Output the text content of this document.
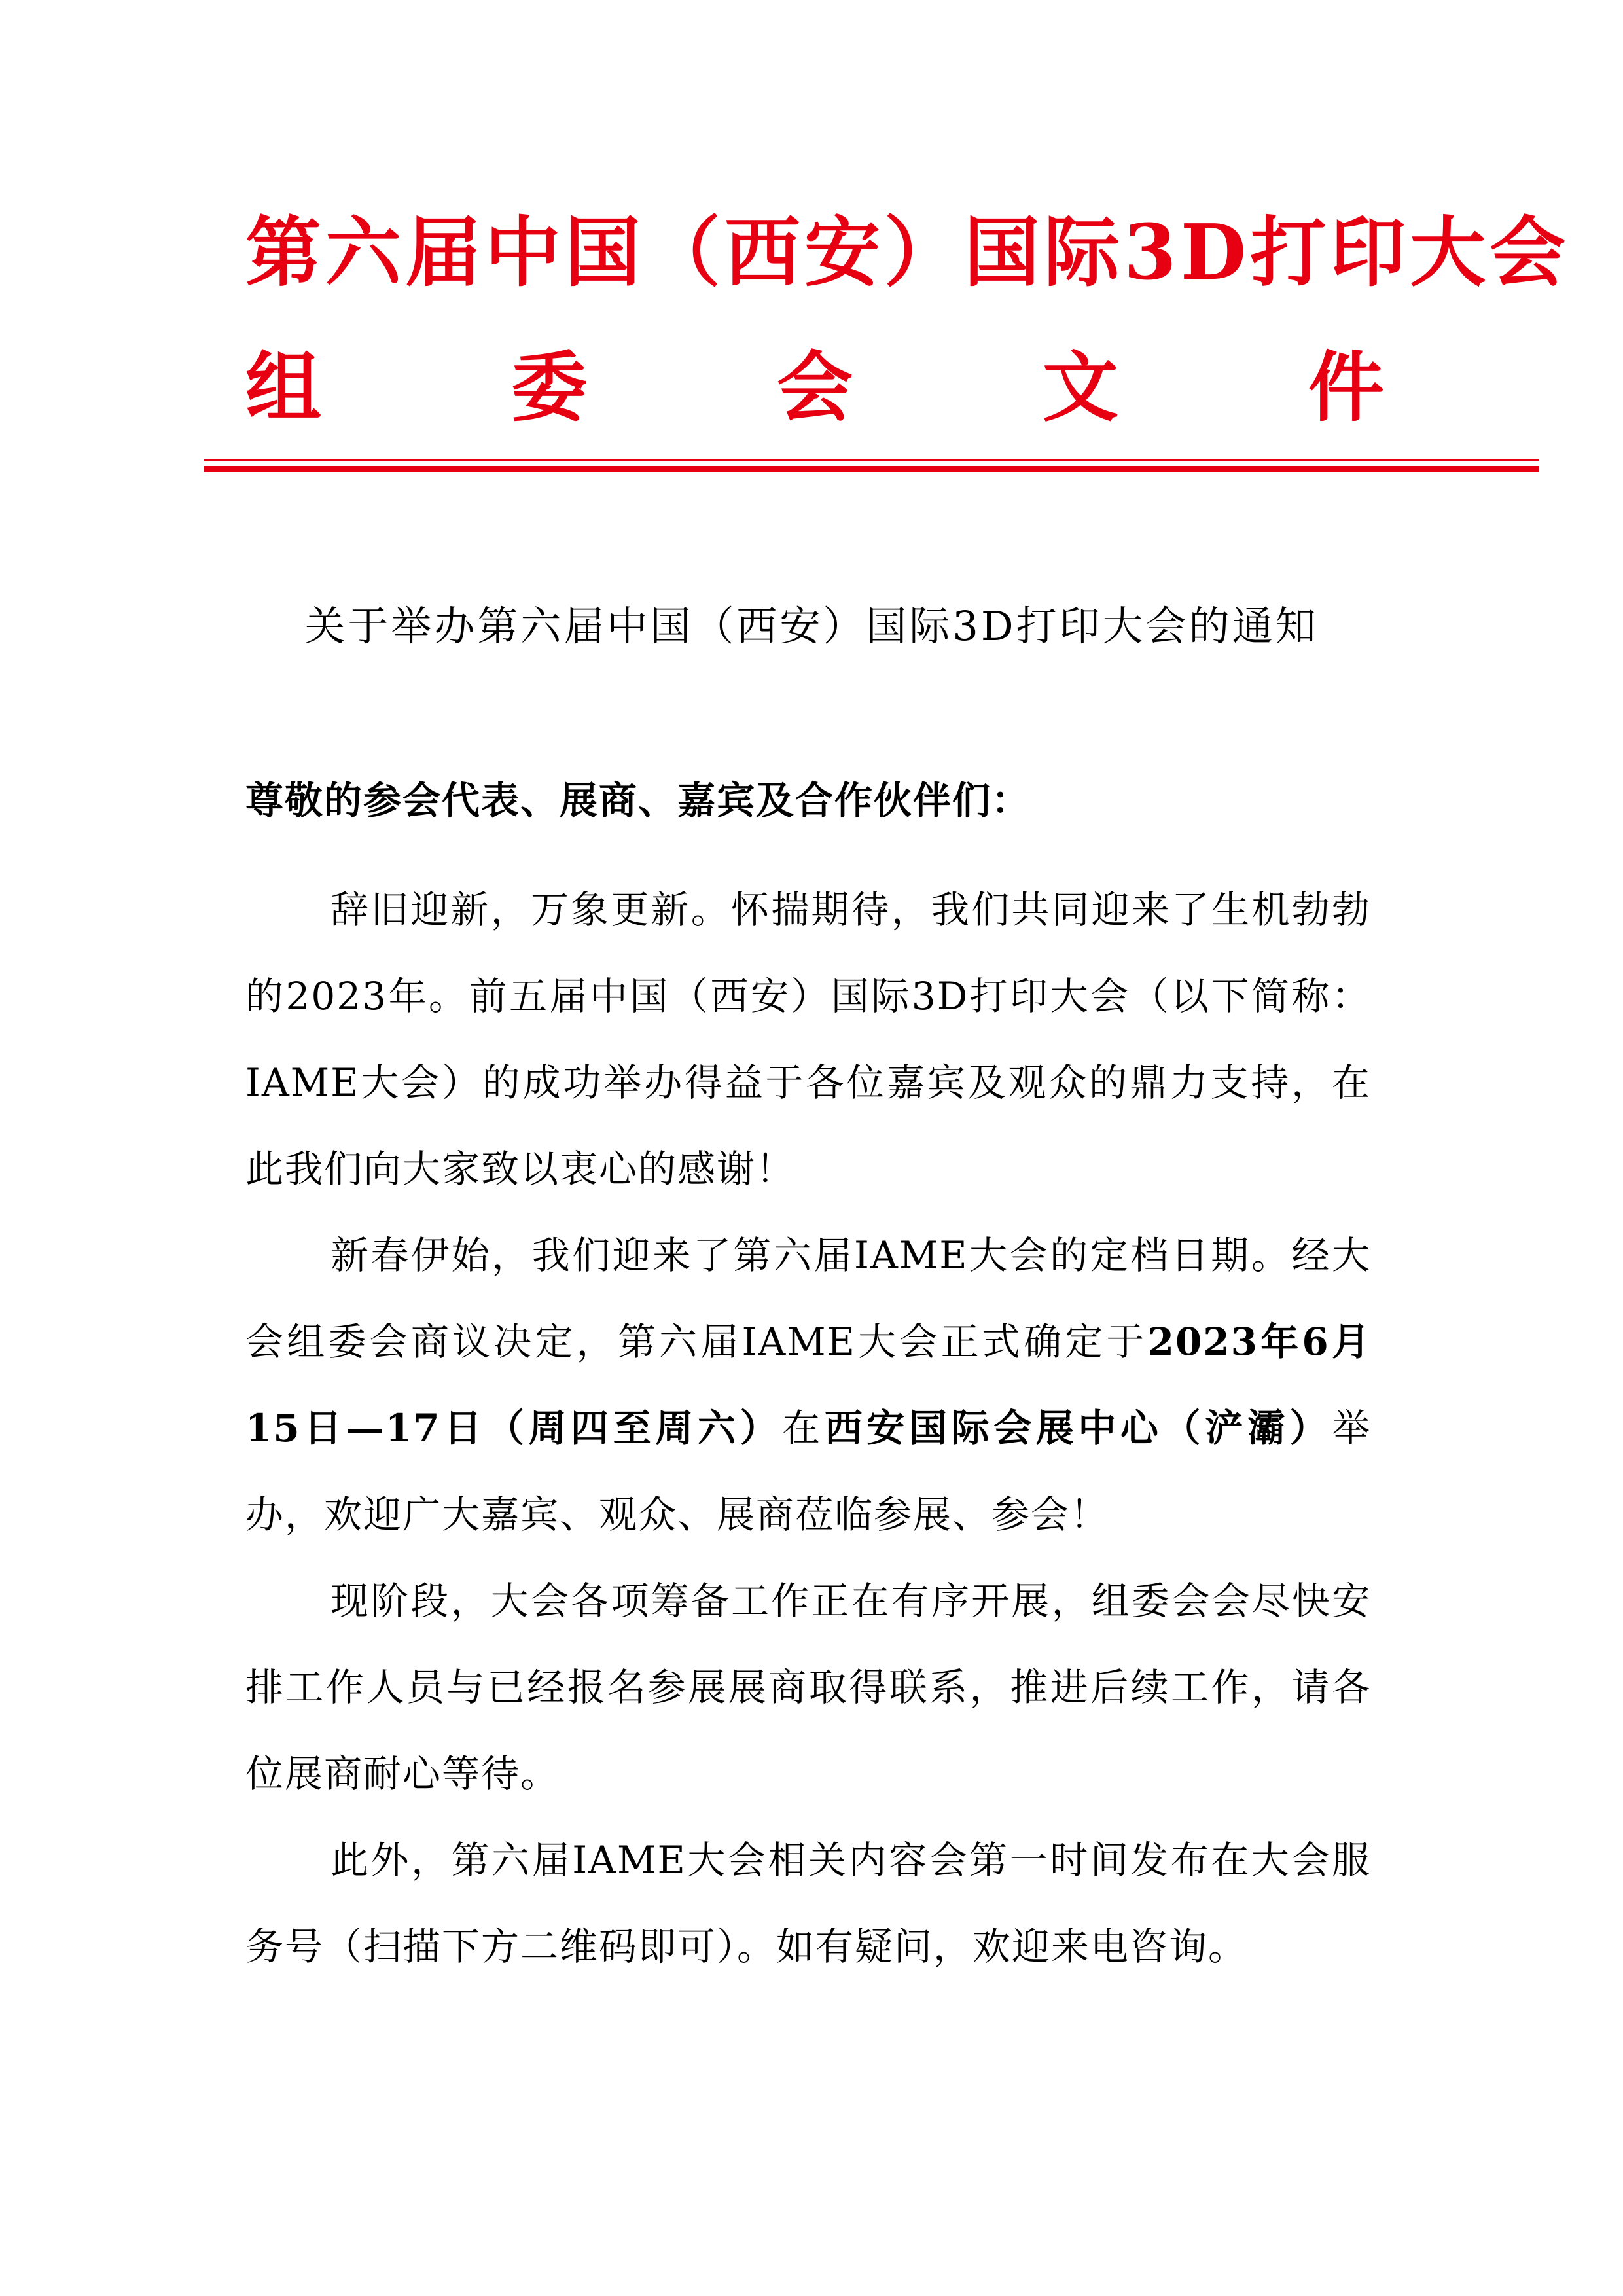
第六届中国（西安）国际3D打印大会
组	委	会	文	件
关于举办第六届中国（西安）国际3D打印大会的通知
尊敬的参会代表、展商、嘉宾及合作伙伴们：
辞旧迎新，万象更新。怀揣期待，我们共同迎来了生机勃勃的2023年。前五届中国（西安）国际3D打印大会（以下简称：IAME大会）的成功举办得益于各位嘉宾及观众的鼎力支持，在此我们向大家致以衷心的感谢！
新春伊始，我们迎来了第六届IAME大会的定档日期。经大会组委会商议决定，第六届IAME大会正式确定于2023年6月15日—17日（周四至周六）在西安国际会展中心（浐灞）举办，欢迎广大嘉宾、观众、展商莅临参展、参会！
现阶段，大会各项筹备工作正在有序开展，组委会会尽快安排工作人员与已经报名参展展商取得联系，推进后续工作，请各位展商耐心等待。
此外，第六届IAME大会相关内容会第一时间发布在大会服务号（扫描下方二维码即可）。如有疑问，欢迎来电咨询。
